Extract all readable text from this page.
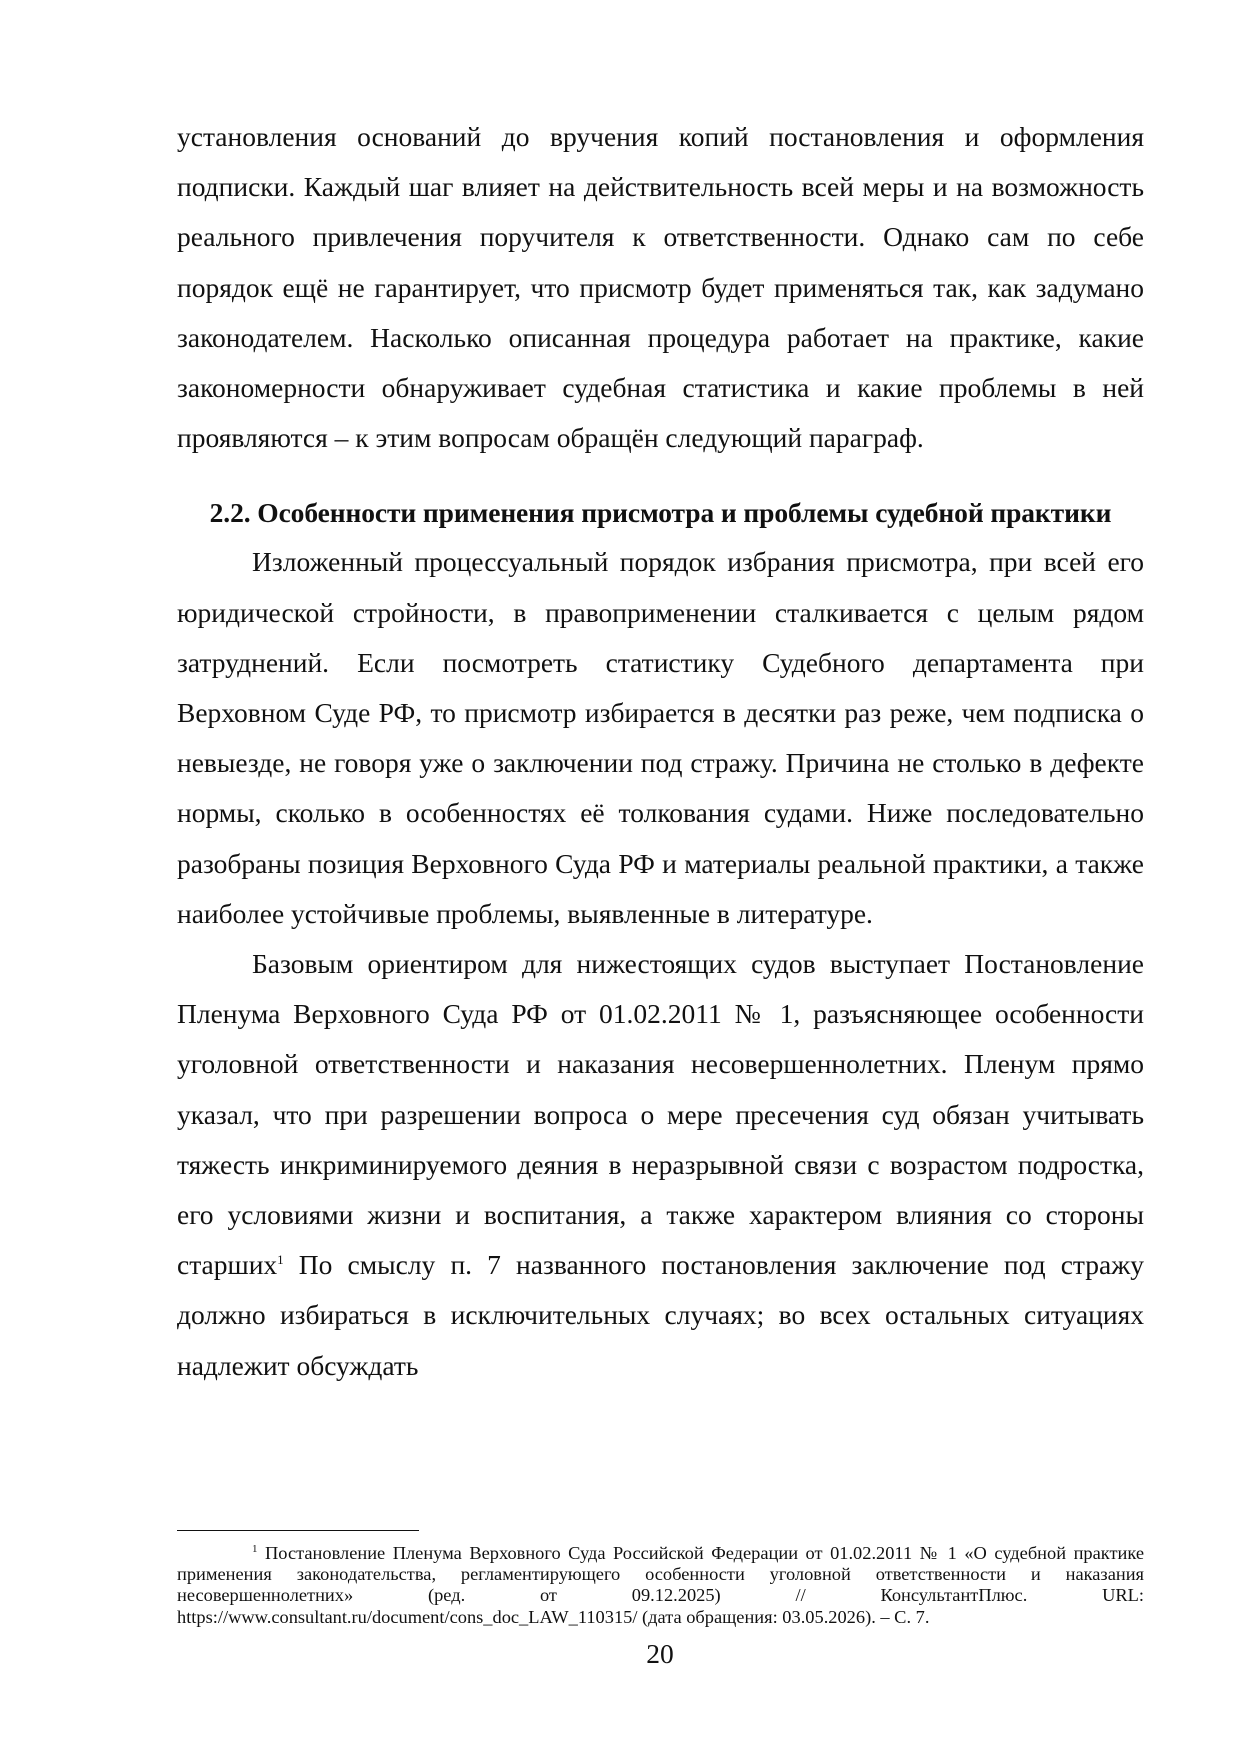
установления оснований до вручения копий постановления и оформления подписки. Каждый шаг влияет на действительность всей меры и на возможность реального привлечения поручителя к ответственности. Однако сам по себе порядок ещё не гарантирует, что присмотр будет применяться так, как задумано законодателем. Насколько описанная процедура работает на практике, какие закономерности обнаруживает судебная статистика и какие проблемы в ней проявляются – к этим вопросам обращён следующий параграф.

2.2. Особенности применения присмотра и проблемы судебной практики

Изложенный процессуальный порядок избрания присмотра, при всей его юридической стройности, в правоприменении сталкивается с целым рядом затруднений. Если посмотреть статистику Судебного департамента при Верховном Суде РФ, то присмотр избирается в десятки раз реже, чем подписка о невыезде, не говоря уже о заключении под стражу. Причина не столько в дефекте нормы, сколько в особенностях её толкования судами. Ниже последовательно разобраны позиция Верховного Суда РФ и материалы реальной практики, а также наиболее устойчивые проблемы, выявленные в литературе.

Базовым ориентиром для нижестоящих судов выступает Постановление Пленума Верховного Суда РФ от 01.02.2011 № 1, разъясняющее особенности уголовной ответственности и наказания несовершеннолетних. Пленум прямо указал, что при разрешении вопроса о мере пресечения суд обязан учитывать тяжесть инкриминируемого деяния в неразрывной связи с возрастом подростка, его условиями жизни и воспитания, а также характером влияния со стороны старших$^1$ По смыслу п. 7 названного постановления заключение под стражу должно избираться в исключительных случаях; во всех остальных ситуациях надлежит обсуждать

$^1$ Постановление Пленума Верховного Суда Российской Федерации от 01.02.2011 № 1 «О судебной практике применения законодательства, регламентирующего особенности уголовной ответственности и наказания несовершеннолетних» (ред. от 09.12.2025) // КонсультантПлюс. URL: https://www.consultant.ru/document/cons_doc_LAW_110315/ (дата обращения: 03.05.2026). – С. 7.

20
